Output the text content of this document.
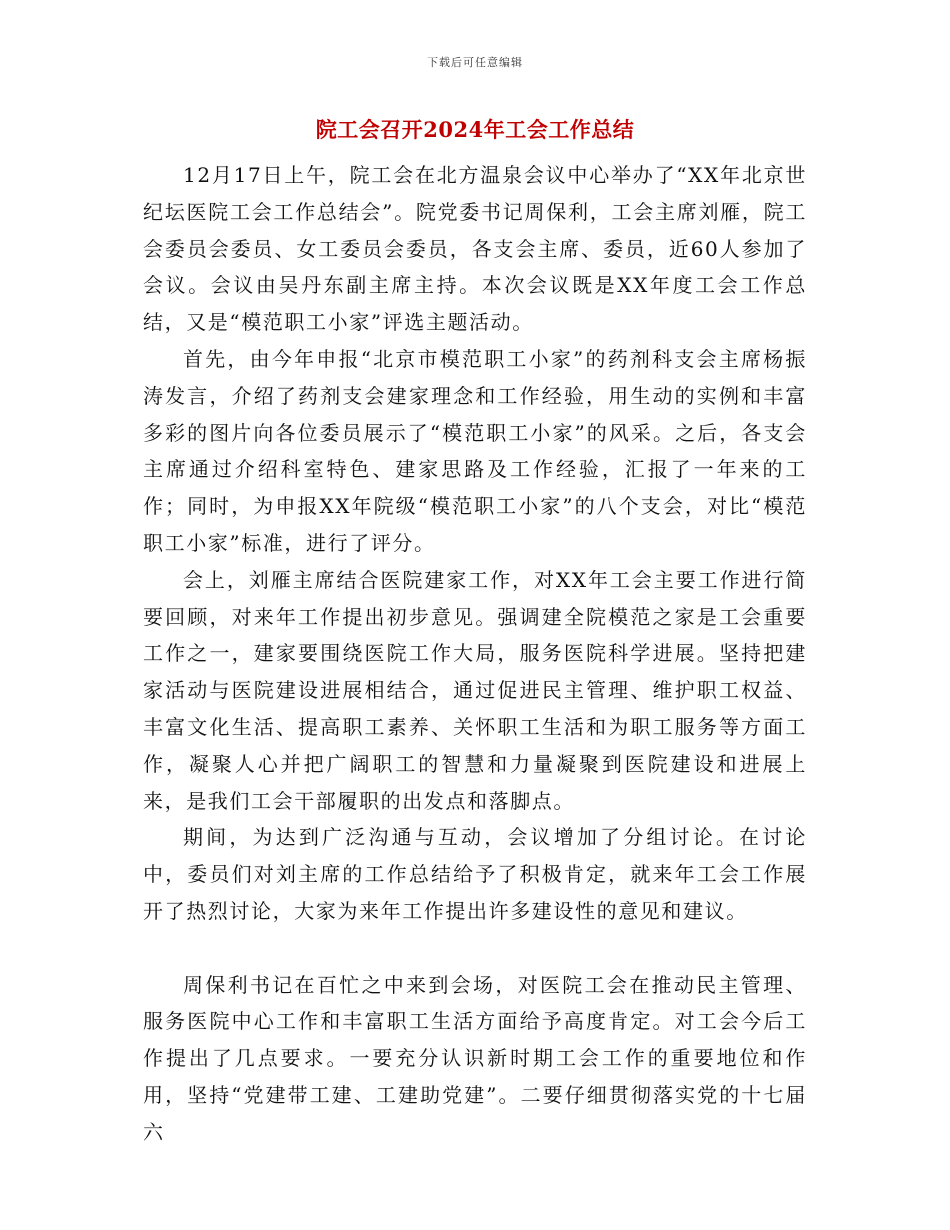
下载后可任意编辑
院工会召开2024年工会工作总结

12月17日上午，院工会在北方温泉会议中心举办了“XX年北京世纪坛医院工会工作总结会”。院党委书记周保利，工会主席刘雁，院工会委员会委员、女工委员会委员，各支会主席、委员，近60人参加了会议。会议由吴丹东副主席主持。本次会议既是XX年度工会工作总结，又是“模范职工小家”评选主题活动。

首先，由今年申报“北京市模范职工小家”的药剂科支会主席杨振涛发言，介绍了药剂支会建家理念和工作经验，用生动的实例和丰富多彩的图片向各位委员展示了“模范职工小家”的风采。之后，各支会主席通过介绍科室特色、建家思路及工作经验，汇报了一年来的工作；同时，为申报XX年院级“模范职工小家”的八个支会，对比“模范职工小家”标准，进行了评分。

会上，刘雁主席结合医院建家工作，对XX年工会主要工作进行简要回顾，对来年工作提出初步意见。强调建全院模范之家是工会重要工作之一，建家要围绕医院工作大局，服务医院科学进展。坚持把建家活动与医院建设进展相结合，通过促进民主管理、维护职工权益、丰富文化生活、提高职工素养、关怀职工生活和为职工服务等方面工作，凝聚人心并把广阔职工的智慧和力量凝聚到医院建设和进展上来，是我们工会干部履职的出发点和落脚点。

期间，为达到广泛沟通与互动，会议增加了分组讨论。在讨论中，委员们对刘主席的工作总结给予了积极肯定，就来年工会工作展开了热烈讨论，大家为来年工作提出许多建设性的意见和建议。

周保利书记在百忙之中来到会场，对医院工会在推动民主管理、服务医院中心工作和丰富职工生活方面给予高度肯定。对工会今后工作提出了几点要求。一要充分认识新时期工会工作的重要地位和作用，坚持“党建带工建、工建助党建”。二要仔细贯彻落实党的十七届六
